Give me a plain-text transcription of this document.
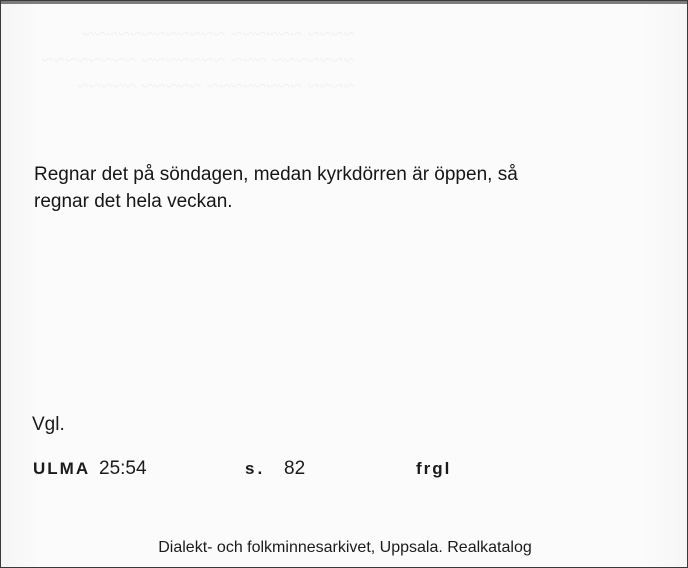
Regnar det på söndagen, medan kyrkdörren är öppen, så
regnar det hela veckan.
Vgl.
ULMA 25:54	s. 82	frgl
Dialekt- och folkminnesarkivet, Uppsala. Realkatalog
